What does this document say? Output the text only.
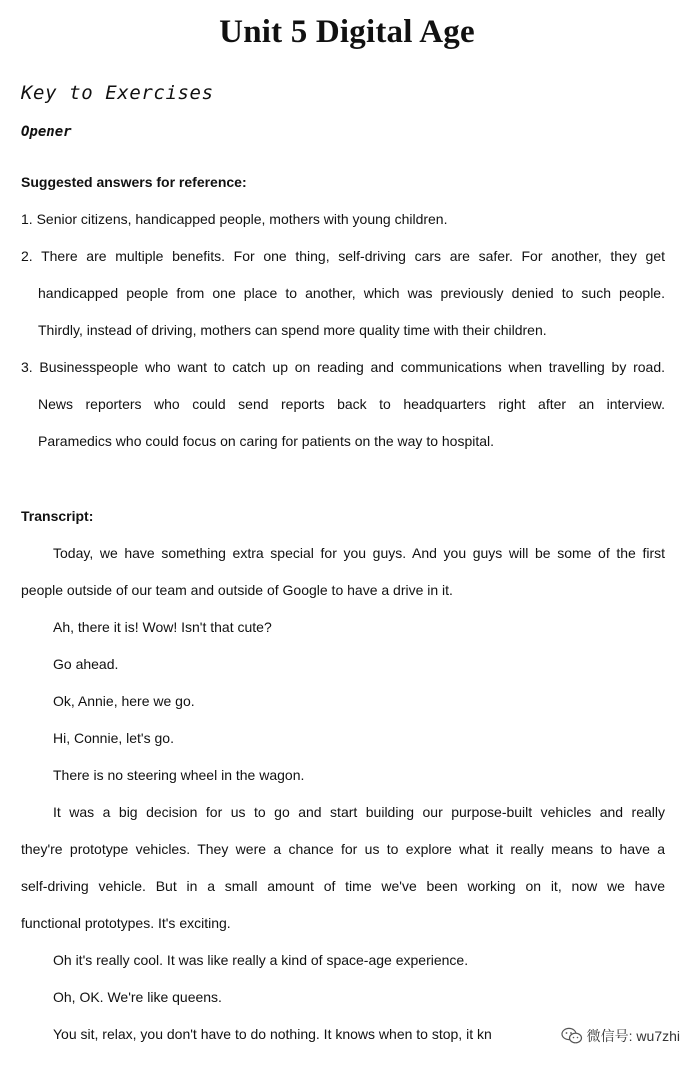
Unit 5 Digital Age
Key to Exercises
Opener
Suggested answers for reference:
1. Senior citizens, handicapped people, mothers with young children.
2. There are multiple benefits. For one thing, self-driving cars are safer. For another, they get
handicapped people from one place to another, which was previously denied to such people.
Thirdly, instead of driving, mothers can spend more quality time with their children.
3. Businesspeople who want to catch up on reading and communications when travelling by road.
News reporters who could send reports back to headquarters right after an interview.
Paramedics who could focus on caring for patients on the way to hospital.
Transcript:
Today, we have something extra special for you guys. And you guys will be some of the first
people outside of our team and outside of Google to have a drive in it.
Ah, there it is! Wow! Isn't that cute?
Go ahead.
Ok, Annie, here we go.
Hi, Connie, let's go.
There is no steering wheel in the wagon.
It was a big decision for us to go and start building our purpose-built vehicles and really
they're prototype vehicles. They were a chance for us to explore what it really means to have a
self-driving vehicle. But in a small amount of time we've been working on it, now we have
functional prototypes. It's exciting.
Oh it's really cool. It was like really a kind of space-age experience.
Oh, OK. We're like queens.
You sit, relax, you don't have to do nothing. It knows when to stop, it kn	微信号: wu7zhi
